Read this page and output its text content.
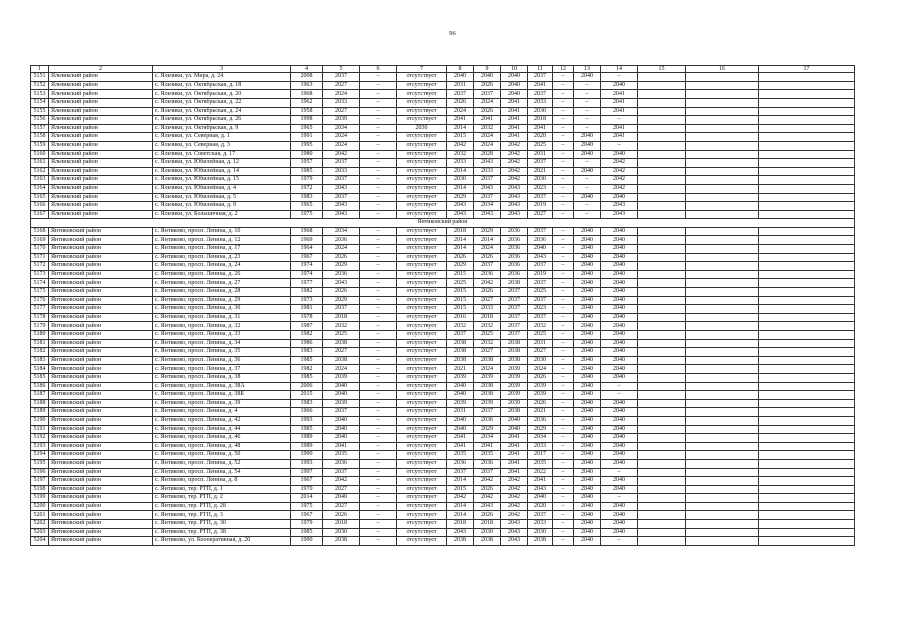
96
1	2	3	4	5	6	7	8	9	10	11	12	13	14	15	16	17
5151	Яльчикский район	с. Яльчики, ул. Мира, д. 24	2008	2037	–	отсутствует	2040	2040	2040	2037	–	2040	–			
5152	Яльчикский район	с. Яльчики, ул. Октябрьская, д. 18	1963	2027	–	отсутствует	2031	2026	2040	2041	–	–	2040			
5153	Яльчикский район	с. Яльчики, ул. Октябрьская, д. 20	1968	2024	–	отсутствует	2037	2037	2040	2037	–	–	2041			
5154	Яльчикский район	с. Яльчики, ул. Октябрьская, д. 22	1962	2033	–	отсутствует	2026	2024	2041	2033	–	–	2041			
5155	Яльчикский район	с. Яльчики, ул. Октябрьская, д. 24	1958	2027	–	отсутствует	2024	2026	2041	2030	–	–	2041			
5156	Яльчикский район	с. Яльчики, ул. Октябрьская, д. 26	1998	2039	–	отсутствует	2041	2041	2041	2018	–	–	–			
5157	Яльчикский район	с. Яльчики, ул. Октябрьская, д. 9	1965	2034	–	2030	2014	2032	2041	2041	–	–	2041			
5158	Яльчикский район	с. Яльчики, ул. Северная, д. 1	1991	2024	–	отсутствует	2015	2024	2041	2020	–	2040	2041			
5159	Яльчикский район	с. Яльчики, ул. Северная, д. 3	1995	2024	–	отсутствует	2042	2024	2042	2025	–	2040	–			
5160	Яльчикский район	с. Яльчики, ул. Советская, д. 17	1980	2042	–	отсутствует	2032	2028	2042	2031	–	2040	2040			
5161	Яльчикский район	с. Яльчики, ул. Юбилейная, д. 12	1957	2037	–	отсутствует	2033	2043	2042	2037	–	–	2042			
5162	Яльчикский район	с. Яльчики, ул. Юбилейная, д. 14	1985	2033	–	отсутствует	2014	2033	2042	2021	–	2040	2042			
5163	Яльчикский район	с. Яльчики, ул. Юбилейная, д. 15	1979	2037	–	отсутствует	2030	2037	2042	2030	–	–	2042			
5164	Яльчикский район	с. Яльчики, ул. Юбилейная, д. 4	1972	2043	–	отсутствует	2014	2043	2043	2023	–	–	2042			
5165	Яльчикский район	с. Яльчики, ул. Юбилейная, д. 5	1983	2037	–	отсутствует	2029	2037	2043	2037	–	2040	2040			
5166	Яльчикский район	с. Яльчики, ул. Юбилейная, д. 9	1965	2043	–	отсутствует	2043	2034	2043	2019	–	–	2043			
5167	Яльчикский район	с. Яльчики, ул. Большичная, д. 2	1975	2043	–	отсутствует	2043	2043	2043	2027	–	–	2043			
Янтиковский район																
5168	Янтиковский район	с. Янтиково, просп. Ленина, д. 10	1968	2034	–	отсутствует	2018	2029	2036	2037	–	2040	2040			
5169	Янтиковский район	с. Янтиково, просп. Ленина, д. 12	1969	2036	–	отсутствует	2014	2014	2036	2036	–	2040	2040			
5170	Янтиковский район	с. Янтиково, просп. Ленина, д. 17	1964	2024	–	отсутствует	2014	2024	2036	2040	–	2040	2040			
5171	Янтиковский район	с. Янтиково, просп. Ленина, д. 23	1967	2026	–	отсутствует	2026	2026	2036	2043	–	2040	2040			
5172	Янтиковский район	с. Янтиково, просп. Ленина, д. 24	1974	2029	–	отсутствует	2029	2037	2036	2037	–	2040	2040			
5173	Янтиковский район	с. Янтиково, просп. Ленина, д. 26	1974	2036	–	отсутствует	2015	2036	2036	2019	–	2040	2040			
5174	Янтиковский район	с. Янтиково, просп. Ленина, д. 27	1977	2043	–	отсутствует	2025	2042	2038	2037	–	2040	2040			
5175	Янтиковский район	с. Янтиково, просп. Ленина, д. 28	1982	2026	–	отсутствует	2015	2026	2037	2025	–	2040	2040			
5176	Янтиковский район	с. Янтиково, просп. Ленина, д. 29	1973	2029	–	отсутствует	2015	2027	2037	2037	–	2040	2040			
5177	Янтиковский район	с. Янтиково, просп. Ленина, д. 30	1981	2037	–	отсутствует	2015	2033	2037	2023	–	2040	2040			
5178	Янтиковский район	с. Янтиково, просп. Ленина, д. 31	1978	2018	–	отсутствует	2016	2018	2037	2037	–	2040	2040			
5179	Янтиковский район	с. Янтиково, просп. Ленина, д. 32	1987	2032	–	отсутствует	2032	2032	2037	2032	–	2040	2040			
5180	Янтиковский район	с. Янтиково, просп. Ленина, д. 33	1982	2025	–	отсутствует	2037	2025	2037	2025	–	2040	2040			
5181	Янтиковский район	с. Янтиково, просп. Ленина, д. 34	1986	2038	–	отсутствует	2038	2032	2038	2031	–	2040	2040			
5182	Янтиковский район	с. Янтиково, просп. Ленина, д. 35	1983	2027	–	отсутствует	2038	2027	2038	2027	–	2040	2040			
5183	Янтиковский район	с. Янтиково, просп. Ленина, д. 36	1985	2038	–	отсутствует	2038	2038	2038	2030	–	2040	2040			
5184	Янтиковский район	с. Янтиково, просп. Ленина, д. 37	1982	2024	–	отсутствует	2021	2024	2039	2024	–	2040	2040			
5185	Янтиковский район	с. Янтиково, просп. Ленина, д. 38	1985	2039	–	отсутствует	2039	2039	2039	2026	–	2040	2040			
5186	Янтиковский район	с. Янтиково, просп. Ленина, д. 38А	2006	2040	–	отсутствует	2040	2038	2039	2039	–	2040	–			
5187	Янтиковский район	с. Янтиково, просп. Ленина, д. 38Б	2015	2040	–	отсутствует	2040	2038	2039	2039	–	2040	–			
5188	Янтиковский район	с. Янтиково, просп. Ленина, д. 39	1983	2039	–	отсутствует	2039	2039	2039	2026	–	2040	2040			
5189	Янтиковский район	с. Янтиково, просп. Ленина, д. 4	1966	2037	–	отсутствует	2031	2037	2038	2021	–	2040	2040			
5190	Янтиковский район	с. Янтиково, просп. Ленина, д. 42	1993	2040	–	отсутствует	2040	2036	2040	2036	–	2040	2040			
5191	Янтиковский район	с. Янтиково, просп. Ленина, д. 44	1985	2040	–	отсутствует	2040	2029	2040	2029	–	2040	2040			
5192	Янтиковский район	с. Янтиково, просп. Ленина, д. 46	1989	2040	–	отсутствует	2041	2034	2041	2034	–	2040	2040			
5193	Янтиковский район	с. Янтиково, просп. Ленина, д. 48	1989	2041	–	отсутствует	2041	2041	2041	2033	–	2040	2040			
5194	Янтиковский район	с. Янтиково, просп. Ленина, д. 50	1990	2035	–	отсутствует	2035	2035	2041	2017	–	2040	2040			
5195	Янтиковский район	с. Янтиково, просп. Ленина, д. 52	1993	2036	–	отсутствует	2036	2036	2041	2035	–	2040	2040			
5196	Янтиковский район	с. Янтиково, просп. Ленина, д. 54	1997	2037	–	отсутствует	2037	2037	2041	2022	–	2040	–			
5197	Янтиковский район	с. Янтиково, просп. Ленина, д. 8	1967	2042	–	отсутствует	2014	2042	2042	2041	–	2040	2040			
5198	Янтиковский район	с. Янтиково, тер. РТП, д. 1	1970	2027	–	отсутствует	2015	2026	2042	2043	–	2040	2040			
5199	Янтиковский район	с. Янтиково, тер. РТП, д. 2	2014	2040	–	отсутствует	2042	2042	2042	2040	–	2040	–			
5200	Янтиковский район	с. Янтиково, тер. РТП, д. 28	1975	2027	–	отсутствует	2014	2043	2042	2020	–	2040	2040			
5201	Янтиковский район	с. Янтиково, тер. РТП, д. 3	1967	2026	–	отсутствует	2014	2026	2042	2037	–	2040	2040			
5202	Янтиковский район	с. Янтиково, тер. РТП, д. 30	1979	2018	–	отсутствует	2018	2018	2043	2033	–	2040	2040			
5203	Янтиковский район	с. Янтиково, тер. РТП, д. 38	1985	2030	–	отсутствует	2043	2030	2043	2030	–	2040	2040			
5204	Янтиковский район	с. Янтиково, ул. Кооперативная, д. 20	1990	2038	–	отсутствует	2038	2038	2043	2038	–	2040	–			
